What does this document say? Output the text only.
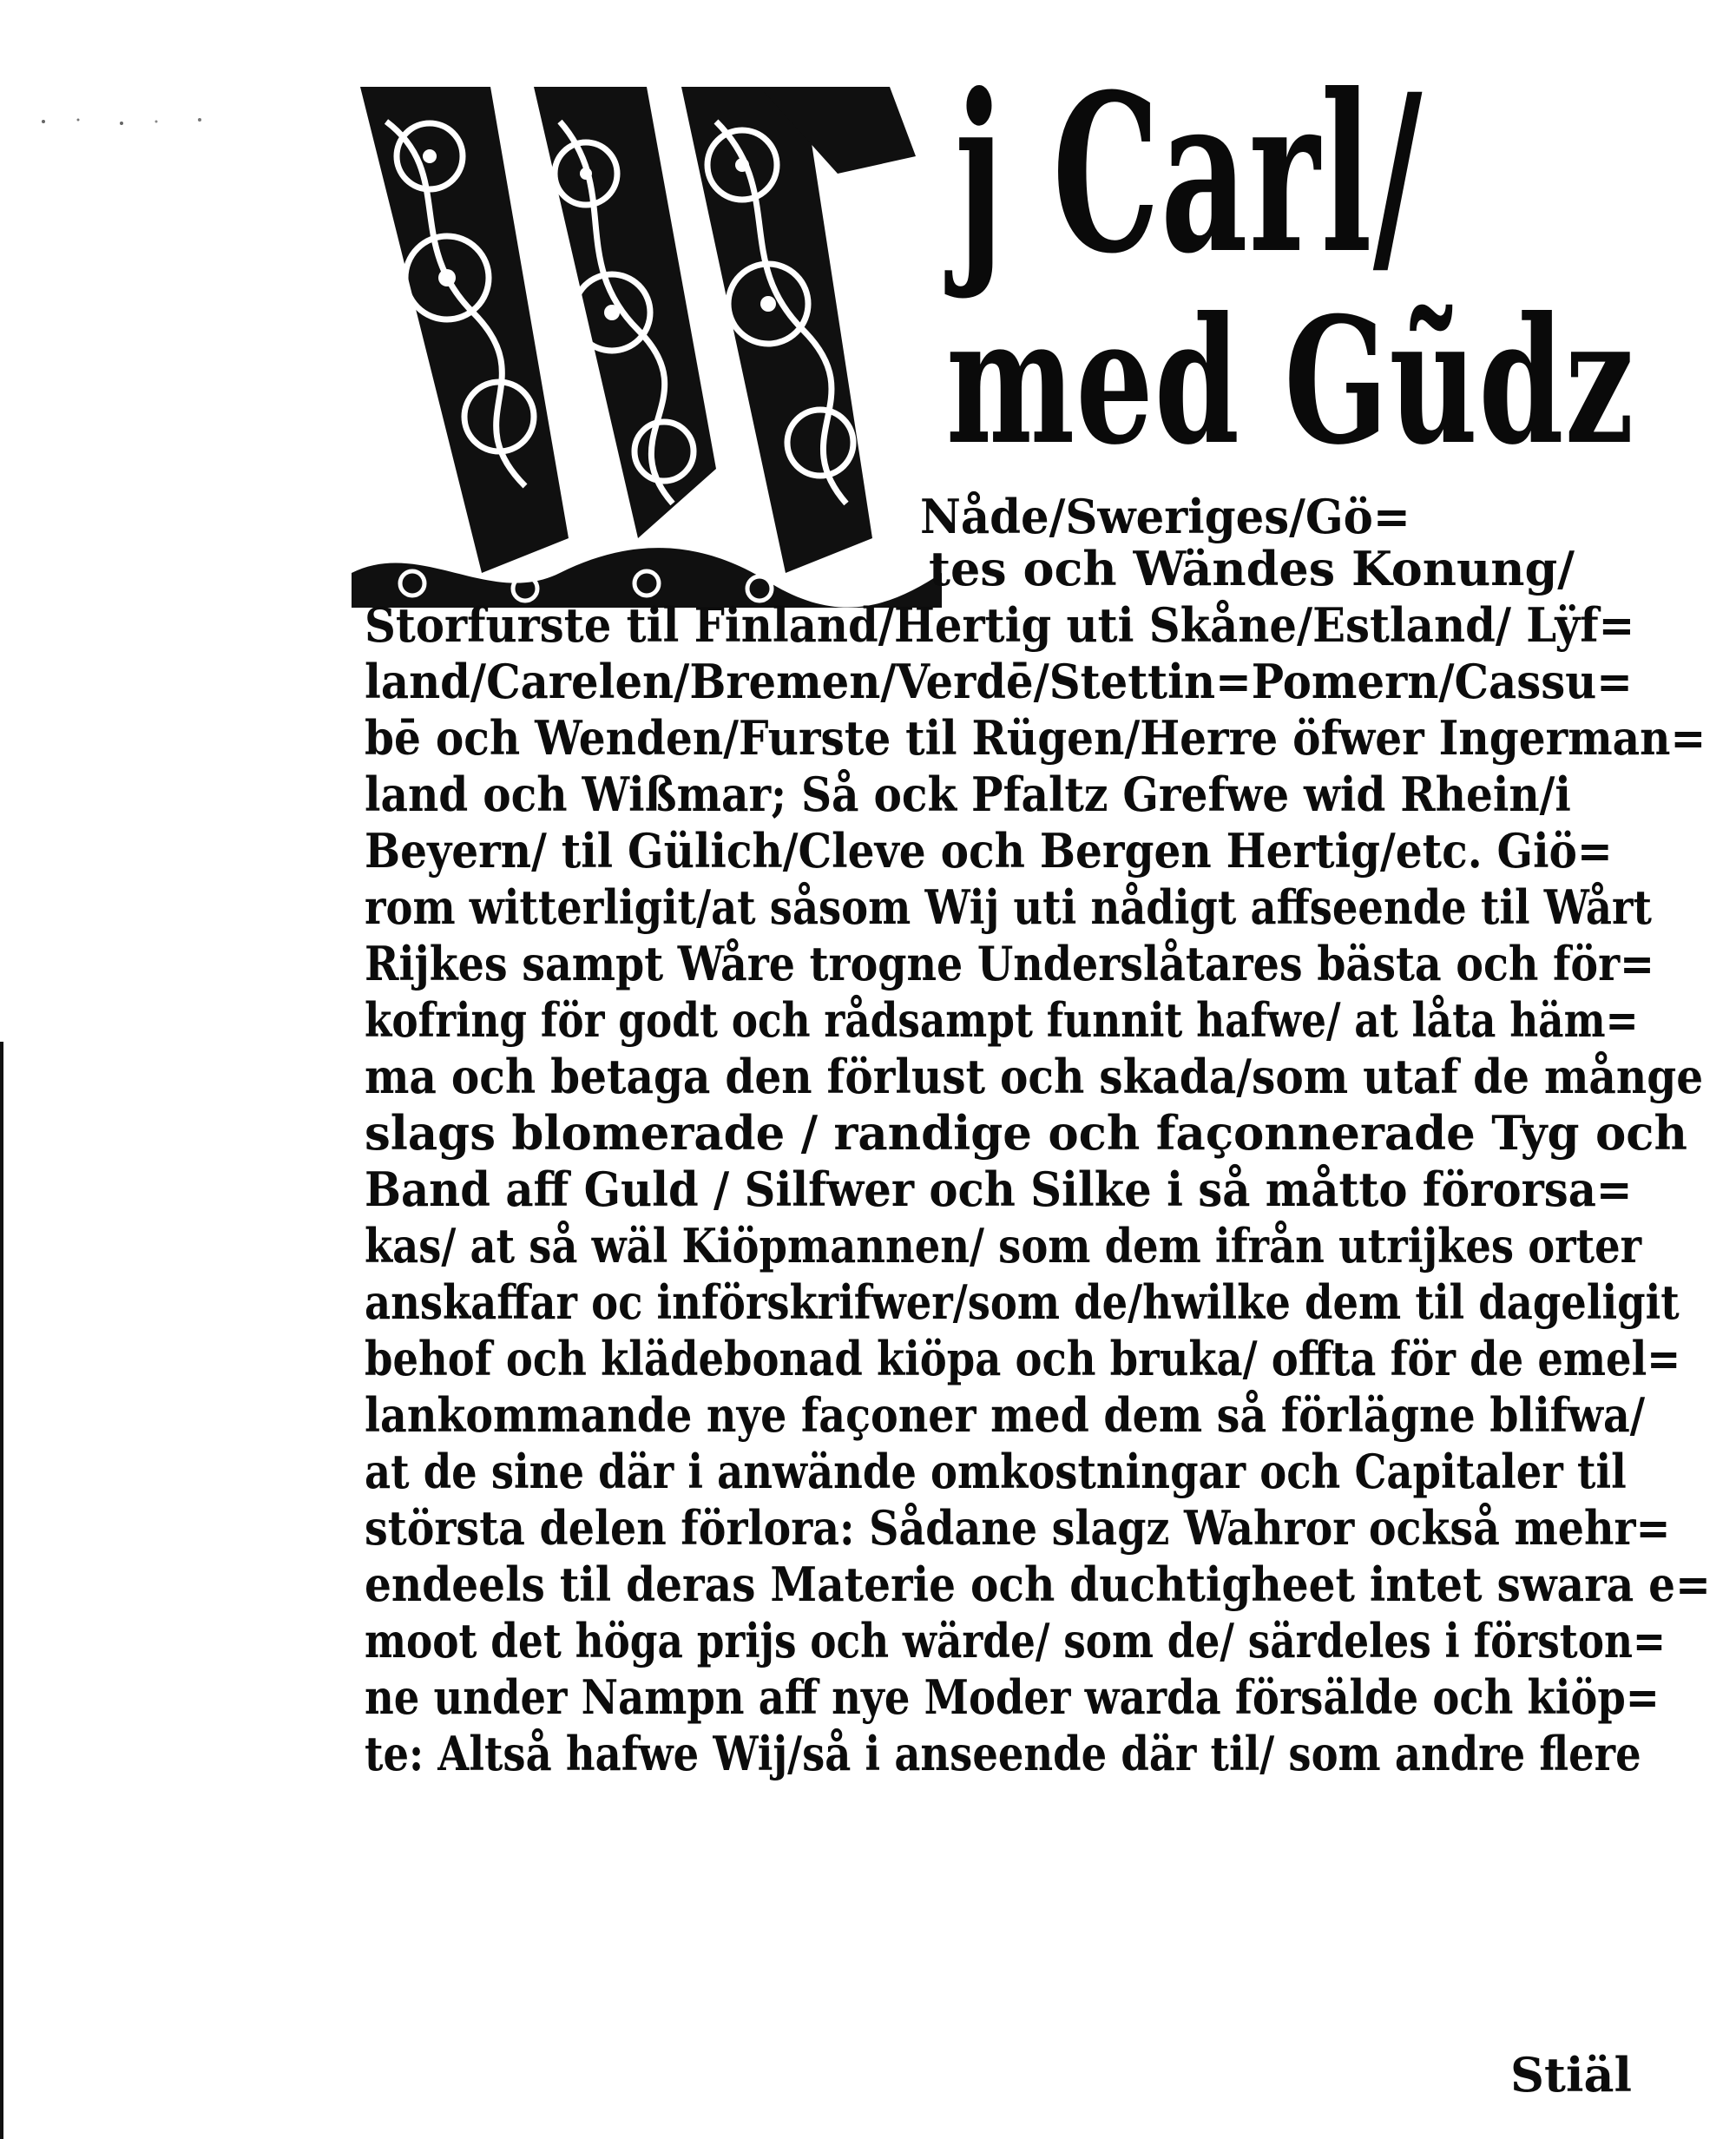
j Carl/
med Gũdz
Nåde/Sweriges/Gö=
tes och Wändes Konung/
Storfurste til Finland/Hertig uti Skåne/Estland/ Lÿf=
land/Carelen/Bremen/Verdē/Stettin=Pomern/Cassu=
bē och Wenden/Furste til Rügen/Herre öfwer Ingerman=
land och Wißmar; Så ock Pfaltz Grefwe wid Rhein/i
Beyern/ til Gülich/Cleve och Bergen Hertig/etc. Giö=
rom witterligit/at såsom Wij uti nådigt affseende til Wårt
Rijkes sampt Wåre trogne Underslåtares bästa och för=
kofring för godt och rådsampt funnit hafwe/ at låta häm=
ma och betaga den förlust och skada/som utaf de månge
slags blomerade / randige och façonnerade Tyg och
Band aff Guld / Silfwer och Silke i så måtto förorsa=
kas/ at så wäl Kiöpmannen/ som dem ifrån utrijkes orter
anskaffar oc införskrifwer/som de/hwilke dem til dageligit
behof och klädebonad kiöpa och bruka/ offta för de emel=
lankommande nye façoner med dem så förlägne blifwa/
at de sine där i anwände omkostningar och Capitaler til
största delen förlora: Sådane slagz Wahror också mehr=
endeels til deras Materie och duchtigheet intet swara e=
moot det höga prijs och wärde/ som de/ särdeles i förston=
ne under Nampn aff nye Moder warda försälde och kiöp=
te: Altså hafwe Wij/så i anseende där til/ som andre flere
Stiäl
